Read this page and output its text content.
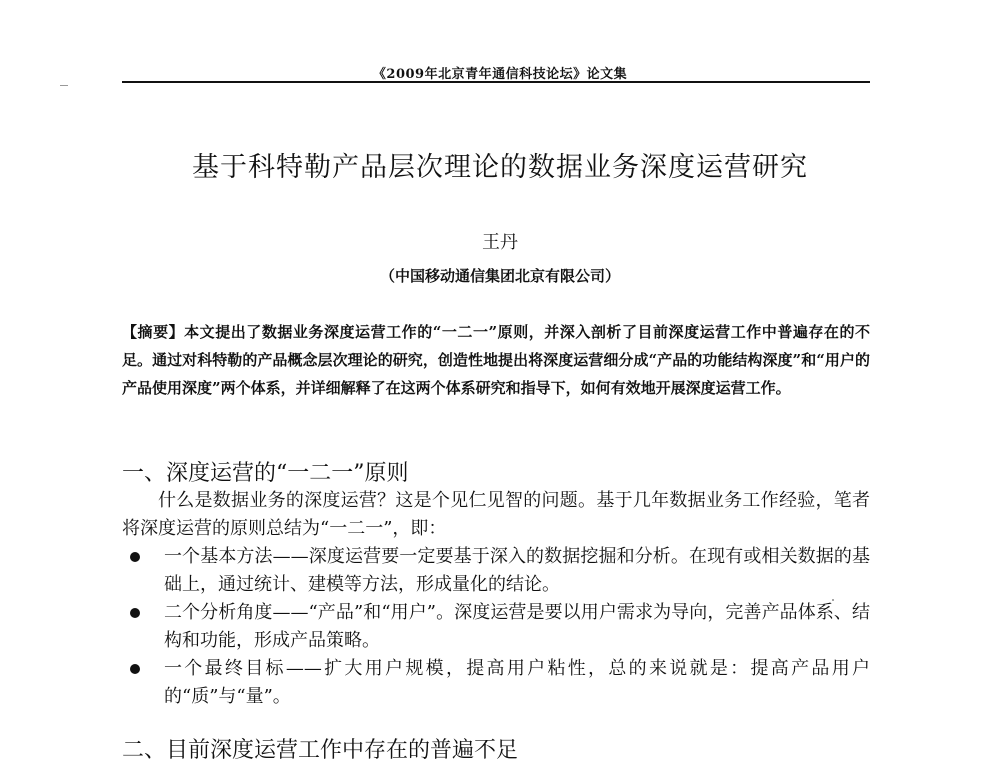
《2009年北京青年通信科技论坛》论文集
基于科特勒产品层次理论的数据业务深度运营研究
王丹
（中国移动通信集团北京有限公司）
【摘要】本文提出了数据业务深度运营工作的“一二一”原则，并深入剖析了目前深度运营工作中普遍存在的不足。通过对科特勒的产品概念层次理论的研究，创造性地提出将深度运营细分成“产品的功能结构深度”和“用户的产品使用深度”两个体系，并详细解释了在这两个体系研究和指导下，如何有效地开展深度运营工作。
一、深度运营的“一二一”原则
什么是数据业务的深度运营？这是个见仁见智的问题。基于几年数据业务工作经验，笔者将深度运营的原则总结为“一二一”，即：
一个基本方法——深度运营要一定要基于深入的数据挖掘和分析。在现有或相关数据的基础上，通过统计、建模等方法，形成量化的结论。
二个分析角度——“产品”和“用户”。深度运营是要以用户需求为导向，完善产品体系、结构和功能，形成产品策略。
一个最终目标——扩大用户规模，提高用户粘性，总的来说就是：提高产品用户的“质”与“量”。
二、目前深度运营工作中存在的普遍不足
